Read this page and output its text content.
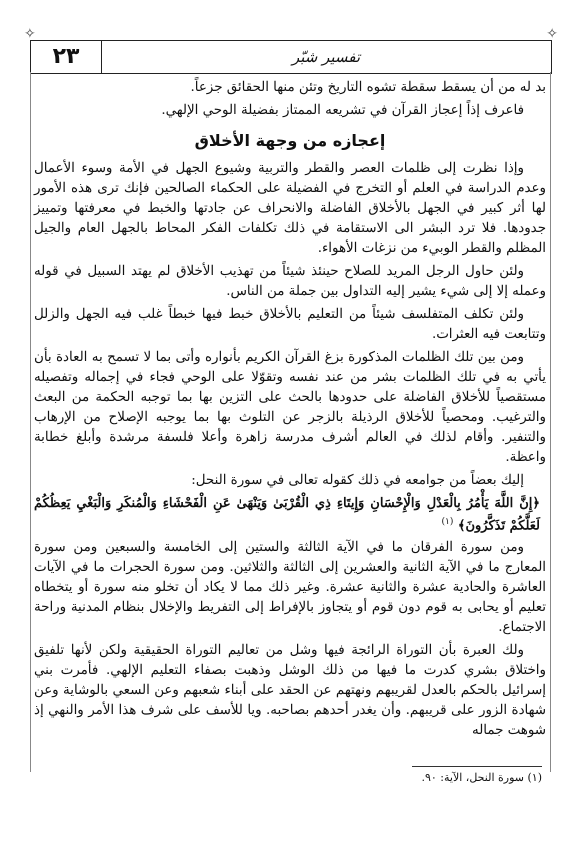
✧	✧
٢٣	تفسير شبّر

بد له من أن يسقط سقطة تشوه التاريخ وتئن منها الحقائق جزعاً.

فاعرف إذاً إعجاز القرآن في تشريعه الممتاز بفضيلة الوحي الإلهي.

إعجازه من وجهة الأخلاق

وإذا نظرت إلى ظلمات العصر والقطر والتربية وشيوع الجهل في الأمة وسوء الأعمال وعدم الدراسة في العلم أو التخرج في الفضيلة على الحكماء الصالحين فإنك ترى هذه الأمور لها أثر كبير في الجهل بالأخلاق الفاضلة والانحراف عن جادتها والخبط في معرفتها وتمييز جدودها. فلا ترد البشر الى الاستقامة في ذلك تكلفات الفكر المحاط بالجهل العام والجيل المظلم والقطر الوبيء من نزغات الأهواء.

ولئن حاول الرجل المريد للصلاح حينئذ شيئاً من تهذيب الأخلاق لم يهتد السبيل في قوله وعمله إلا إلى شيء يشير إليه التداول بين جملة من الناس.

ولئن تكلف المتفلسف شيئاً من التعليم بالأخلاق خبط فيها خبطاً غلب فيه الجهل والزلل وتتابعت فيه العثرات.

ومن بين تلك الظلمات المذكورة بزغ القرآن الكريم بأنواره وأتى بما لا تسمح به العادة بأن يأتي به في تلك الظلمات بشر من عند نفسه وتقوّلا على الوحي فجاء في إجماله وتفصيله مستقصياً للأخلاق الفاضلة على حدودها بالحث على التزين بها بما توجبه الحكمة من البعث والترغيب. ومحصياً للأخلاق الرذيلة بالزجر عن التلوث بها بما يوجبه الإصلاح من الإرهاب والتنفير. وأقام لذلك في العالم أشرف مدرسة زاهرة وأعلا فلسفة مرشدة وأبلغ خطابة واعظة.

إليك بعضاً من جوامعه في ذلك كقوله تعالى في سورة النحل:

﴿إِنَّ اللَّهَ يَأْمُرُ بِالْعَدْلِ وَالْإِحْسَانِ وَإِيتَاءِ ذِي الْقُرْبَىٰ وَيَنْهَىٰ عَنِ الْفَحْشَاءِ وَالْمُنكَرِ وَالْبَغْيِ يَعِظُكُمْ لَعَلَّكُمْ تَذَكَّرُونَ﴾ $^{(١)}$

ومن سورة الفرقان ما في الآية الثالثة والستين إلى الخامسة والسبعين ومن سورة المعارج ما في الآية الثانية والعشرين إلى الثالثة والثلاثين. ومن سورة الحجرات ما في الآيات العاشرة والحادية عشرة والثانية عشرة. وغير ذلك مما لا يكاد أن تخلو منه سورة أو يتخطاه تعليم أو يحابى به قوم دون قوم أو يتجاوز بالإفراط إلى التفريط والإخلال بنظام المدنية وراحة الاجتماع.

ولك العبرة بأن التوراة الرائجة فيها وشل من تعاليم التوراة الحقيقية ولكن لأنها تلفيق واختلاق بشري كدرت ما فيها من ذلك الوشل وذهبت بصفاء التعليم الإلهي. فأمرت بني إسرائيل بالحكم بالعدل لقريبهم ونهتهم عن الحقد على أبناء شعبهم وعن السعي بالوشاية وعن شهادة الزور على قريبهم. وأن يغدر أحدهم بصاحبه. ويا للأسف على شرف هذا الأمر والنهي إذ شوهت جماله

(١) سورة النحل، الآية: ٩٠.
